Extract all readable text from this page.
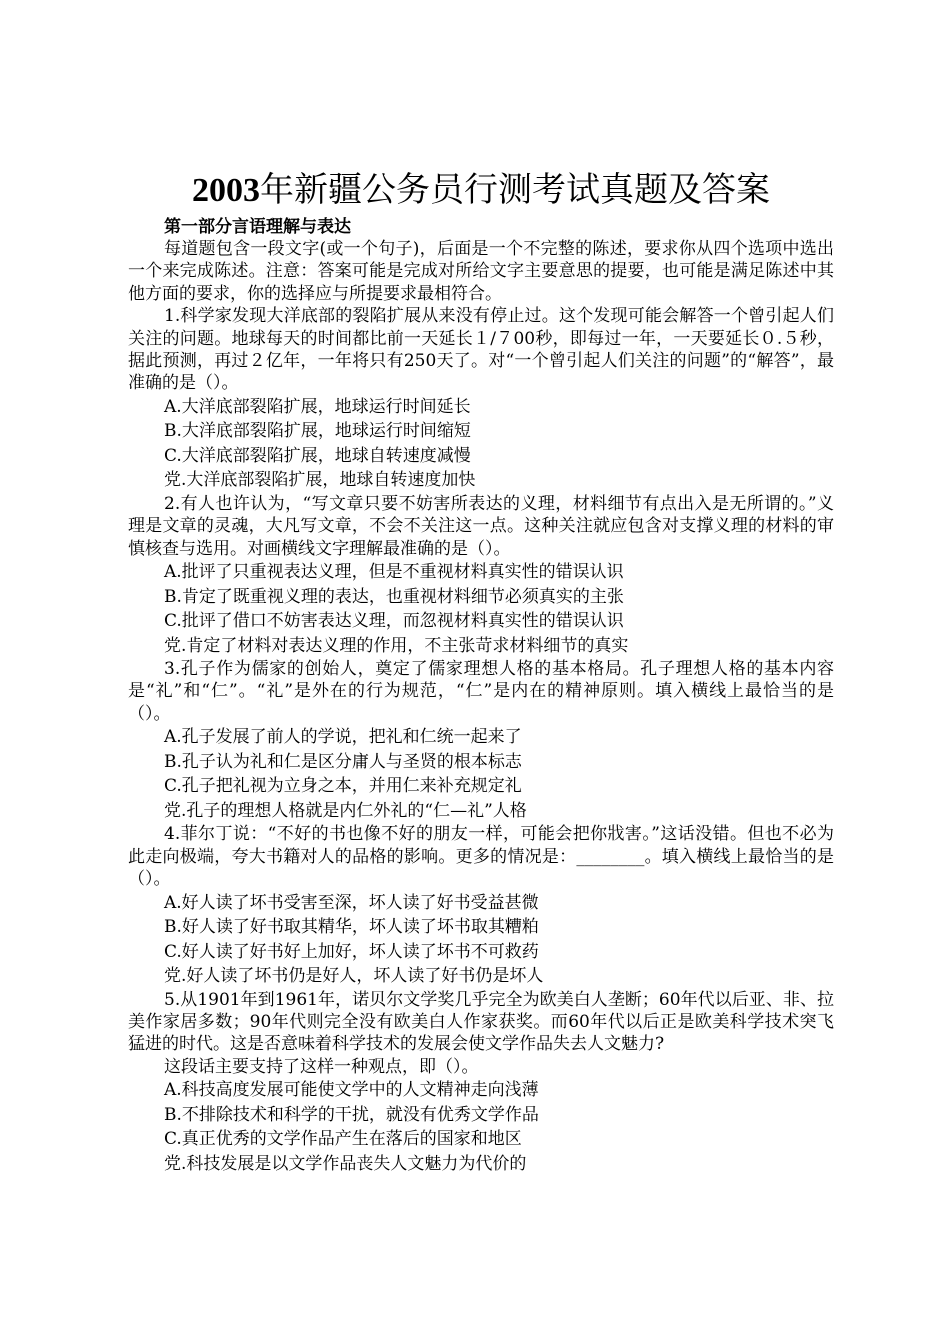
2003年新疆公务员行测考试真题及答案
第一部分言语理解与表达

每道题包含一段文字(或一个句子)，后面是一个不完整的陈述，要求你从四个选项中选出一个来完成陈述。注意：答案可能是完成对所给文字主要意思的提要，也可能是满足陈述中其他方面的要求，你的选择应与所提要求最相符合。

1.科学家发现大洋底部的裂陷扩展从来没有停止过。这个发现可能会解答一个曾引起人们关注的问题。地球每天的时间都比前一天延长１/７00秒，即每过一年，一天要延长０.５秒，据此预测，再过２亿年，一年将只有250天了。对“一个曾引起人们关注的问题”的“解答”，最准确的是（）。

A.大洋底部裂陷扩展，地球运行时间延长
B.大洋底部裂陷扩展，地球运行时间缩短
C.大洋底部裂陷扩展，地球自转速度减慢
党.大洋底部裂陷扩展，地球自转速度加快

2.有人也许认为，“写文章只要不妨害所表达的义理，材料细节有点出入是无所谓的。”义理是文章的灵魂，大凡写文章，不会不关注这一点。这种关注就应包含对支撑义理的材料的审慎核查与选用。对画横线文字理解最准确的是（）。

A.批评了只重视表达义理，但是不重视材料真实性的错误认识
B.肯定了既重视义理的表达，也重视材料细节必须真实的主张
C.批评了借口不妨害表达义理，而忽视材料真实性的错误认识
党.肯定了材料对表达义理的作用，不主张苛求材料细节的真实

3.孔子作为儒家的创始人，奠定了儒家理想人格的基本格局。孔子理想人格的基本内容是“礼”和“仁”。“礼”是外在的行为规范，“仁”是内在的精神原则。填入横线上最恰当的是（）。

A.孔子发展了前人的学说，把礼和仁统一起来了
B.孔子认为礼和仁是区分庸人与圣贤的根本标志
C.孔子把礼视为立身之本，并用仁来补充规定礼
党.孔子的理想人格就是内仁外礼的“仁—礼”人格

4.菲尔丁说：“不好的书也像不好的朋友一样，可能会把你戕害。”这话没错。但也不必为此走向极端，夸大书籍对人的品格的影响。更多的情况是：________。填入横线上最恰当的是（）。

A.好人读了坏书受害至深，坏人读了好书受益甚微
B.好人读了好书取其精华，坏人读了坏书取其糟粕
C.好人读了好书好上加好，坏人读了坏书不可救药
党.好人读了坏书仍是好人，坏人读了好书仍是坏人

5.从1901年到1961年，诺贝尔文学奖几乎完全为欧美白人垄断；60年代以后亚、非、拉美作家居多数；90年代则完全没有欧美白人作家获奖。而60年代以后正是欧美科学技术突飞猛进的时代。这是否意味着科学技术的发展会使文学作品失去人文魅力?

这段话主要支持了这样一种观点，即（）。

A.科技高度发展可能使文学中的人文精神走向浅薄
B.不排除技术和科学的干扰，就没有优秀文学作品
C.真正优秀的文学作品产生在落后的国家和地区
党.科技发展是以文学作品丧失人文魅力为代价的
